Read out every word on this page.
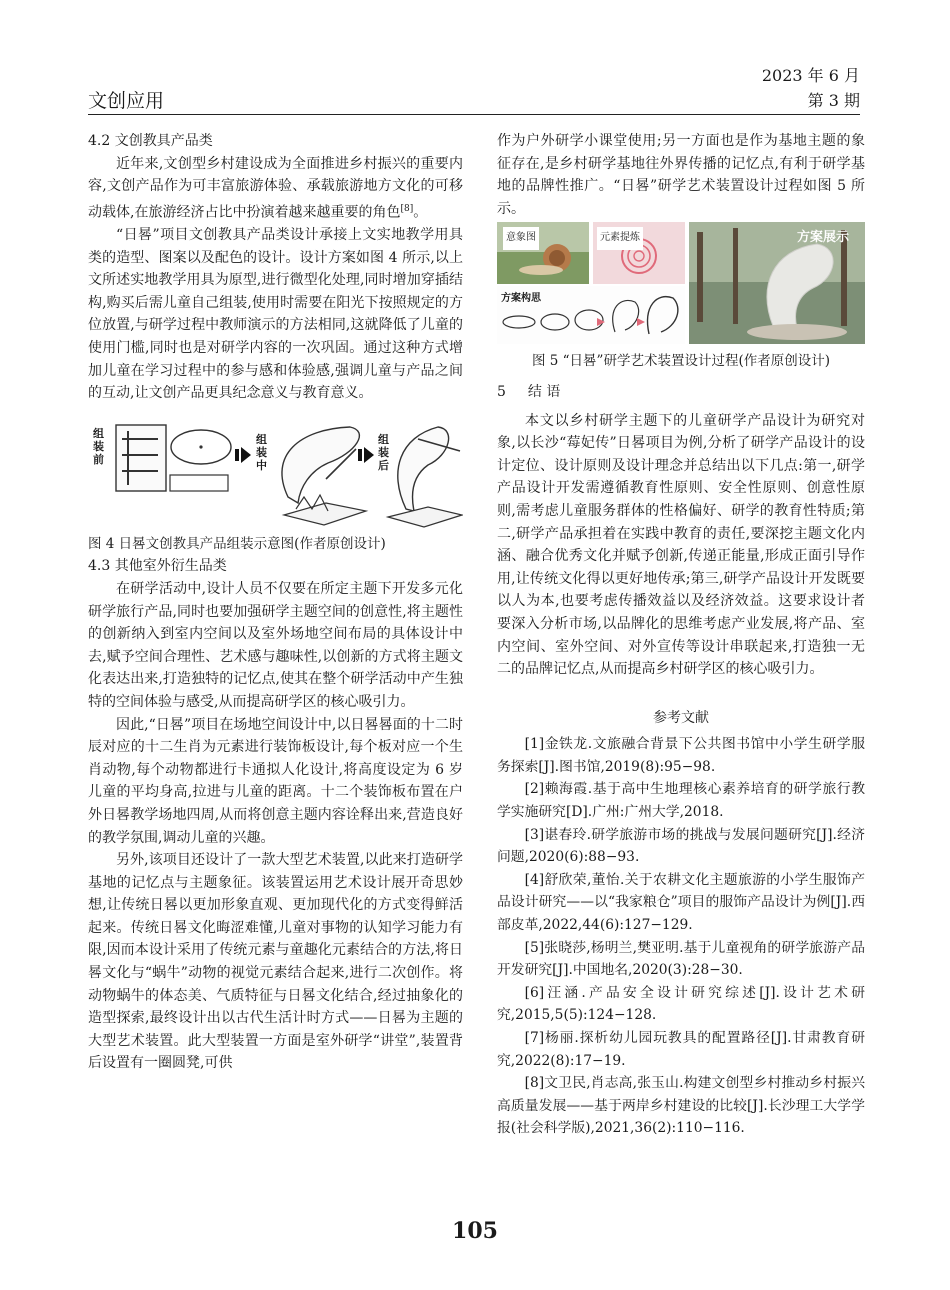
文创应用
2023 年 6 月
第 3 期
4.2 文创教具产品类

近年来,文创型乡村建设成为全面推进乡村振兴的重要内容,文创产品作为可丰富旅游体验、承载旅游地方文化的可移动载体,在旅游经济占比中扮演着越来越重要的角色[8]。

“日晷”项目文创教具产品类设计承接上文实地教学用具类的造型、图案以及配色的设计。设计方案如图 4 所示,以上文所述实地教学用具为原型,进行微型化处理,同时增加穿插结构,购买后需儿童自己组装,使用时需要在阳光下按照规定的方位放置,与研学过程中教师演示的方法相同,这就降低了儿童的使用门槛,同时也是对研学内容的一次巩固。通过这种方式增加儿童在学习过程中的参与感和体验感,强调儿童与产品之间的互动,让文创产品更具纪念意义与教育意义。

组装前
组装中
组装后

图 4 日晷文创教具产品组装示意图(作者原创设计)

4.3 其他室外衍生品类

在研学活动中,设计人员不仅要在所定主题下开发多元化研学旅行产品,同时也要加强研学主题空间的创意性,将主题性的创新纳入到室内空间以及室外场地空间布局的具体设计中去,赋予空间合理性、艺术感与趣味性,以创新的方式将主题文化表达出来,打造独特的记忆点,使其在整个研学活动中产生独特的空间体验与感受,从而提高研学区的核心吸引力。

因此,“日晷”项目在场地空间设计中,以日晷晷面的十二时辰对应的十二生肖为元素进行装饰板设计,每个板对应一个生肖动物,每个动物都进行卡通拟人化设计,将高度设定为 6 岁儿童的平均身高,拉进与儿童的距离。十二个装饰板布置在户外日晷教学场地四周,从而将创意主题内容诠释出来,营造良好的教学氛围,调动儿童的兴趣。

另外,该项目还设计了一款大型艺术装置,以此来打造研学基地的记忆点与主题象征。该装置运用艺术设计展开奇思妙想,让传统日晷以更加形象直观、更加现代化的方式变得鲜活起来。传统日晷文化晦涩难懂,儿童对事物的认知学习能力有限,因而本设计采用了传统元素与童趣化元素结合的方法,将日晷文化与“蜗牛”动物的视觉元素结合起来,进行二次创作。将动物蜗牛的体态美、气质特征与日晷文化结合,经过抽象化的造型探索,最终设计出以古代生活计时方式——日晷为主题的大型艺术装置。此大型装置一方面是室外研学“讲堂”,装置背后设置有一圈圆凳,可供

作为户外研学小课堂使用;另一方面也是作为基地主题的象征存在,是乡村研学基地往外界传播的记忆点,有利于研学基地的品牌性推广。“日晷”研学艺术装置设计过程如图 5 所示。

意象图	元素提炼
方案构思
方案展示

图 5 “日晷”研学艺术装置设计过程(作者原创设计)

5 结 语

本文以乡村研学主题下的儿童研学产品设计为研究对象,以长沙“莓妃传”日晷项目为例,分析了研学产品设计的设计定位、设计原则及设计理念并总结出以下几点:第一,研学产品设计开发需遵循教育性原则、安全性原则、创意性原则,需考虑儿童服务群体的性格偏好、研学的教育性特质;第二,研学产品承担着在实践中教育的责任,要深挖主题文化内涵、融合优秀文化并赋予创新,传递正能量,形成正面引导作用,让传统文化得以更好地传承;第三,研学产品设计开发既要以人为本,也要考虑传播效益以及经济效益。这要求设计者要深入分析市场,以品牌化的思维考虑产业发展,将产品、室内空间、室外空间、对外宣传等设计串联起来,打造独一无二的品牌记忆点,从而提高乡村研学区的核心吸引力。

参考文献

[1]金铁龙.文旅融合背景下公共图书馆中小学生研学服务探索[J].图书馆,2019(8):95−98.

[2]赖海霞.基于高中生地理核心素养培育的研学旅行教学实施研究[D].广州:广州大学,2018.

[3]谌春玲.研学旅游市场的挑战与发展问题研究[J].经济问题,2020(6):88−93.

[4]舒欣荣,董怡.关于农耕文化主题旅游的小学生服饰产品设计研究——以“我家粮仓”项目的服饰产品设计为例[J].西部皮革,2022,44(6):127−129.

[5]张晓莎,杨明兰,樊亚明.基于儿童视角的研学旅游产品开发研究[J].中国地名,2020(3):28−30.

[6]汪涵.产品安全设计研究综述[J].设计艺术研究,2015,5(5):124−128.

[7]杨丽.探析幼儿园玩教具的配置路径[J].甘肃教育研究,2022(8):17−19.

[8]文卫民,肖志高,张玉山.构建文创型乡村推动乡村振兴高质量发展——基于两岸乡村建设的比较[J].长沙理工大学学报(社会科学版),2021,36(2):110−116.

105
